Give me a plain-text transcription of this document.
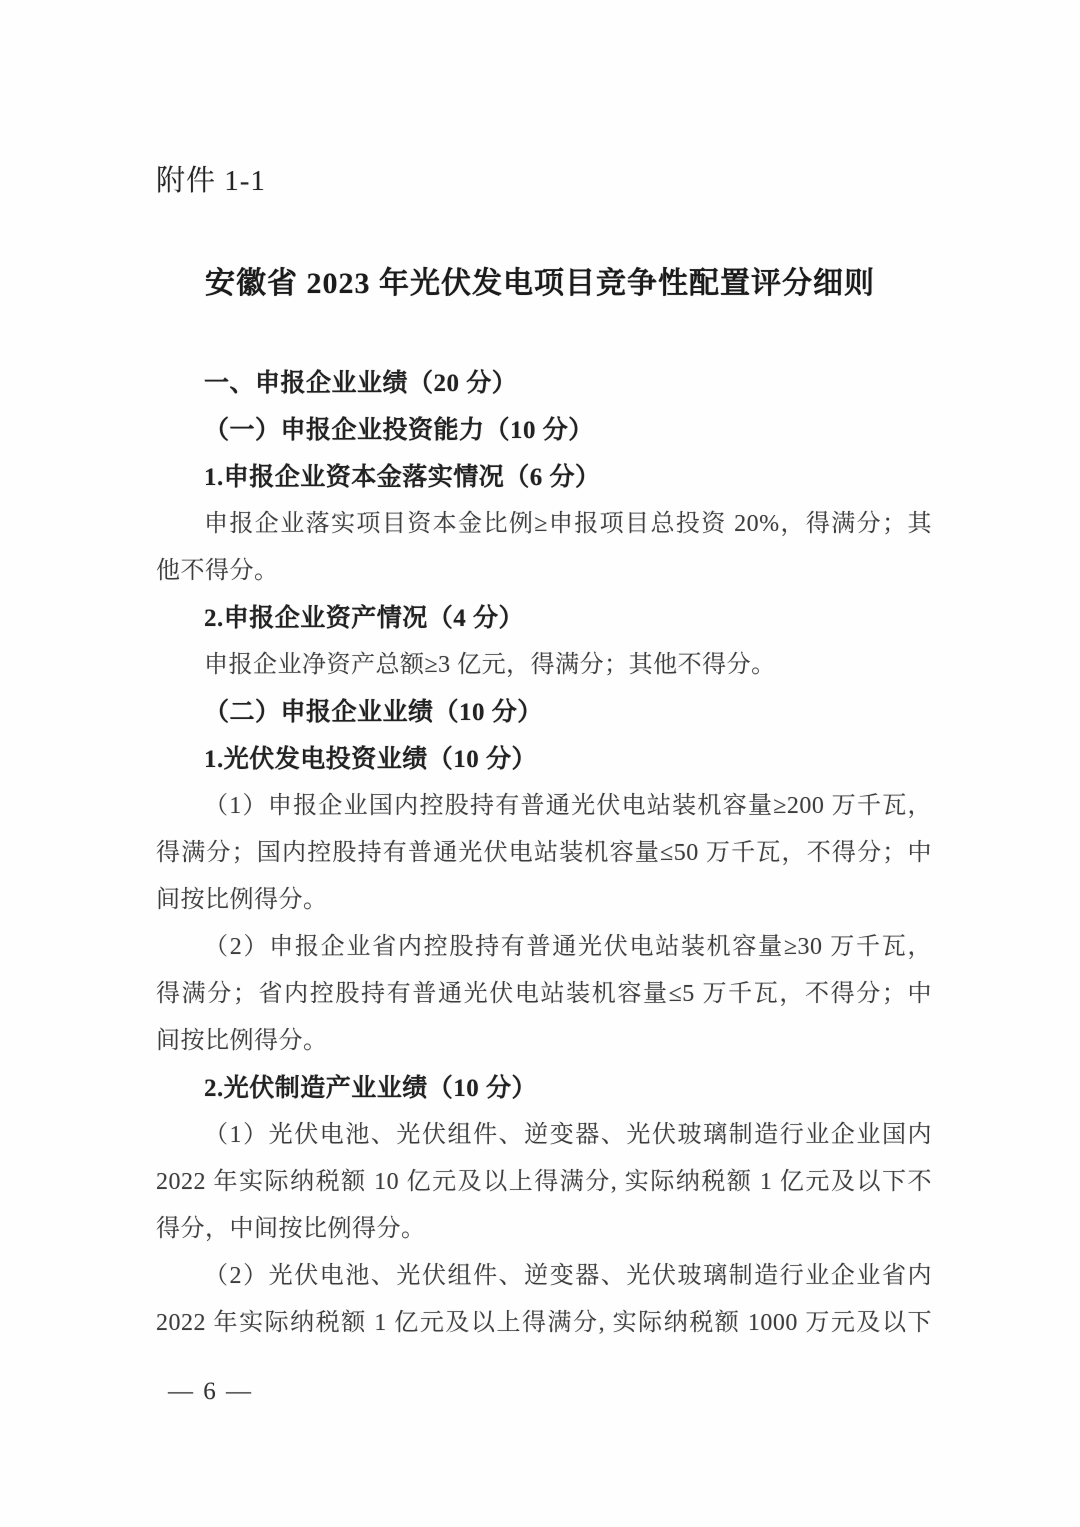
附件 1-1
安徽省 2023 年光伏发电项目竞争性配置评分细则
一、申报企业业绩（20 分）
（一）申报企业投资能力（10 分）
1.申报企业资本金落实情况（6 分）
申报企业落实项目资本金比例≥申报项目总投资 20%，得满分；其
他不得分。
2.申报企业资产情况（4 分）
申报企业净资产总额≥3 亿元，得满分；其他不得分。
（二）申报企业业绩（10 分）
1.光伏发电投资业绩（10 分）
（1）申报企业国内控股持有普通光伏电站装机容量≥200 万千瓦，
得满分；国内控股持有普通光伏电站装机容量≤50 万千瓦，不得分；中
间按比例得分。
（2）申报企业省内控股持有普通光伏电站装机容量≥30 万千瓦，
得满分；省内控股持有普通光伏电站装机容量≤5 万千瓦，不得分；中
间按比例得分。
2.光伏制造产业业绩（10 分）
（1）光伏电池、光伏组件、逆变器、光伏玻璃制造行业企业国内
2022 年实际纳税额 10 亿元及以上得满分, 实际纳税额 1 亿元及以下不
得分，中间按比例得分。
（2）光伏电池、光伏组件、逆变器、光伏玻璃制造行业企业省内
2022 年实际纳税额 1 亿元及以上得满分, 实际纳税额 1000 万元及以下
— 6 —
